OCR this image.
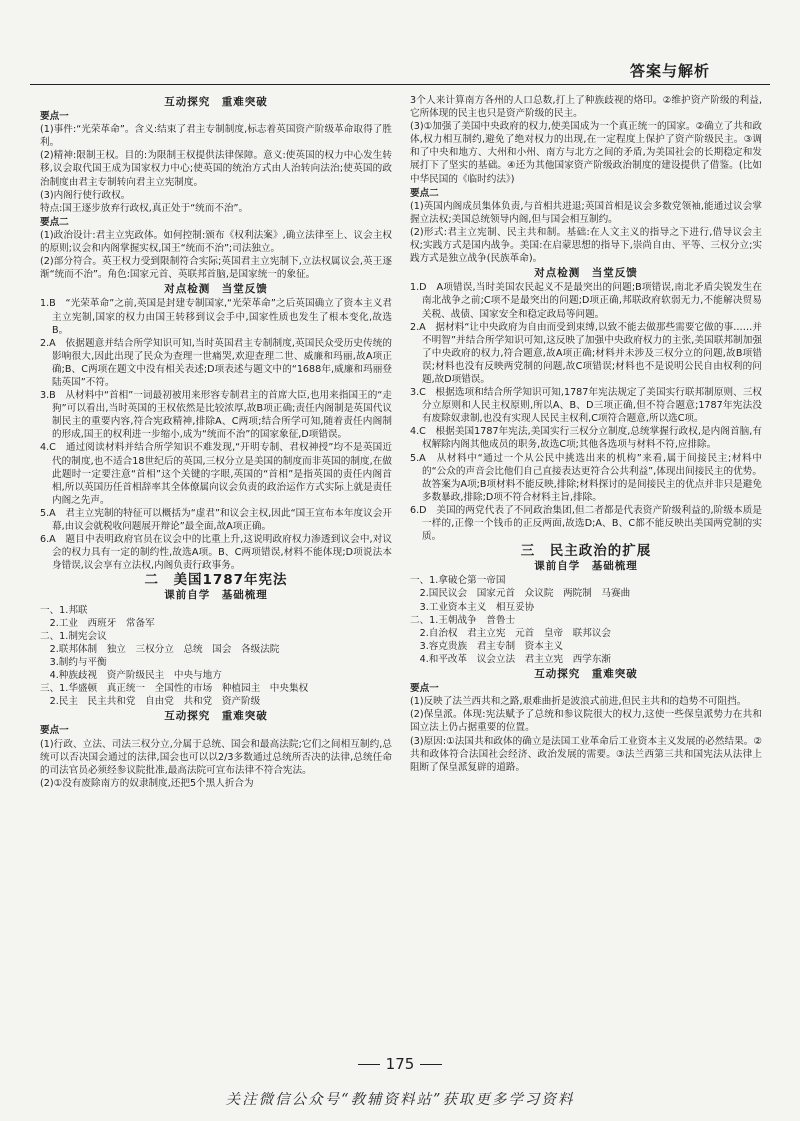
答案与解析
互动探究　重难突破
要点一
(1)事件:“光荣革命”。含义:结束了君主专制制度,标志着英国资产阶级革命取得了胜利。
(2)精神:限制王权。目的:为限制王权提供法律保障。意义:使英国的权力中心发生转移,议会取代国王成为国家权力中心;使英国的统治方式由人治转向法治;使英国的政治制度由君主专制转向君主立宪制度。
(3)内阁行使行政权。
特点:国王逐步放弃行政权,真正处于“统而不治”。
要点二
(1)政治设计:君主立宪政体。如何控制:颁布《权利法案》,确立法律至上、议会主权的原则;议会和内阁掌握实权,国王“统而不治”;司法独立。
(2)部分符合。英王权力受到限制符合实际;英国君主立宪制下,立法权属议会,英王逐渐“统而不治”。角色:国家元首、英联邦首脑,是国家统一的象征。
对点检测　当堂反馈
1.B　“光荣革命”之前,英国是封建专制国家,“光荣革命”之后英国确立了资本主义君主立宪制,国家的权力由国王转移到议会手中,国家性质也发生了根本变化,故选B。
2.A　依据题意并结合所学知识可知,当时英国君主专制制度,英国民众受历史传统的影响很大,因此出现了民众为查理一世痛哭,欢迎查理二世、威廉和玛丽,故A项正确;B、C两项在题文中没有相关表述;D项表述与题文中的“1688年,威廉和玛丽登陆英国”不符。
3.B　从材料中“首相”一词最初被用来形容专制君主的首席大臣,也用来指国王的“走狗”可以看出,当时英国的王权依然是比较浓厚,故B项正确;责任内阁制是英国代议制民主的重要内容,符合宪政精神,排除A、C两项;结合所学可知,随着责任内阁制的形成,国王的权利进一步缩小,成为“统而不治”的国家象征,D项错误。
4.C　通过阅读材料并结合所学知识不难发现,“开明专制、君权神授”均不是英国近代的制度,也不适合18世纪后的英国,三权分立是美国的制度而非英国的制度,在做此题时一定要注意“首相”这个关键的字眼,英国的“首相”是指英国的责任内阁首相,所以英国历任首相辞率其全体僚属向议会负责的政治运作方式实际上就是责任内阁之先声。
5.A　君主立宪制的特征可以概括为“虚君”和议会主权,因此“国王宣布本年度议会开幕,由议会就税收问题展开辩论”最全面,故A项正确。
6.A　题目中表明政府官员在议会中的比重上升,这说明政府权力渗透到议会中,对议会的权力具有一定的制约性,故选A项。B、C两项错误,材料不能体现;D项说法本身错误,议会享有立法权,内阁负责行政事务。
二　美国1787年宪法
课前自学　基础梳理
一、1.邦联
　2.工业　西班牙　常备军
二、1.制宪会议
　2.联邦体制　独立　三权分立　总统　国会　各级法院
　3.制约与平衡
　4.种族歧视　资产阶级民主　中央与地方
三、1.华盛顿　真正统一　全国性的市场　种植园主　中央集权
　2.民主　民主共和党　自由党　共和党　资产阶级
互动探究　重难突破
要点一
(1)行政、立法、司法三权分立,分属于总统、国会和最高法院;它们之间相互制约,总统可以否决国会通过的法律,国会也可以以2/3多数通过总统所否决的法律,总统任命的司法官员必须经参议院批准,最高法院可宣布法律不符合宪法。
(2)①没有废除南方的奴隶制度,还把5个黑人折合为
3个人来计算南方各州的人口总数,打上了种族歧视的烙印。②维护资产阶级的利益,它所体现的民主也只是资产阶级的民主。
(3)①加强了美国中央政府的权力,使美国成为一个真正统一的国家。②确立了共和政体,权力相互制约,避免了绝对权力的出现,在一定程度上保护了资产阶级民主。③调和了中央和地方、大州和小州、南方与北方之间的矛盾,为美国社会的长期稳定和发展打下了坚实的基础。④还为其他国家资产阶级政治制度的建设提供了借鉴。(比如中华民国的《临时约法》)
要点二
(1)英国内阁成员集体负责,与首相共进退;英国首相是议会多数党领袖,能通过议会掌握立法权;美国总统领导内阁,但与国会相互制约。
(2)形式:君主立宪制、民主共和制。基础:在人文主义的指导之下进行,借导议会主权;实践方式是国内战争。美国:在启蒙思想的指导下,崇尚自由、平等、三权分立;实践方式是独立战争(民族革命)。
对点检测　当堂反馈
1.D　A项错误,当时美国农民起义不是最突出的问题;B项错误,南北矛盾尖锐发生在南北战争之前;C项不是最突出的问题;D项正确,邦联政府软弱无力,不能解决贸易关税、战债、国家安全和稳定政局等问题。
2.A　据材料“让中央政府为自由而受到束缚,以致不能去做那些需要它做的事……并不明智”并结合所学知识可知,这反映了加强中央政府权力的主张,美国联邦制加强了中央政府的权力,符合题意,故A项正确;材料并未涉及三权分立的问题,故B项错误;材料也没有反映两党制的问题,故C项错误;材料也不是说明公民自由权利的问题,故D项错误。
3.C　根据选项和结合所学知识可知,1787年宪法规定了美国实行联邦制原则、三权分立原则和人民主权原则,所以A、B、D三项正确,但不符合题意;1787年宪法没有废除奴隶制,也没有实现人民民主权利,C项符合题意,所以选C项。
4.C　根据美国1787年宪法,美国实行三权分立制度,总统掌握行政权,是内阁首脑,有权解除内阁其他成员的职务,故选C项;其他各选项与材料不符,应排除。
5.A　从材料中“通过一个从公民中挑选出来的机构”来看,属于间接民主;材料中的“公众的声音会比他们自己直接表达更符合公共利益”,体现出间接民主的优势。故答案为A项;B项材料不能反映,排除;材料探讨的是间接民主的优点并非只是避免多数暴政,排除;D项不符合材料主旨,排除。
6.D　美国的两党代表了不同政治集团,但二者都是代表资产阶级利益的,阶级本质是一样的,正像一个钱币的正反两面,故选D;A、B、C都不能反映出美国两党制的实质。
三　民主政治的扩展
课前自学　基础梳理
一、1.拿破仑第一帝国
　2.国民议会　国家元首　众议院　两院制　马赛曲
　3.工业资本主义　相互妥协
二、1.王朝战争　普鲁士
　2.自治权　君主立宪　元首　皇帝　联邦议会
　3.容克贵族　君主专制　资本主义
　4.和平改革　议会立法　君主立宪　西学东渐
互动探究　重难突破
要点一
(1)反映了法兰西共和之路,艰难曲折是波浪式前进,但民主共和的趋势不可阻挡。
(2)保皇派。体现:宪法赋予了总统和参议院很大的权力,这使一些保皇派势力在共和国立法上仍占据重要的位置。
(3)原因:①法国共和政体的确立是法国工业革命后工业资本主义发展的必然结果。②共和政体符合法国社会经济、政治发展的需要。③法兰西第三共和国宪法从法律上阻断了保皇派复辟的道路。
175
关注微信公众号“教辅资料站”获取更多学习资料
